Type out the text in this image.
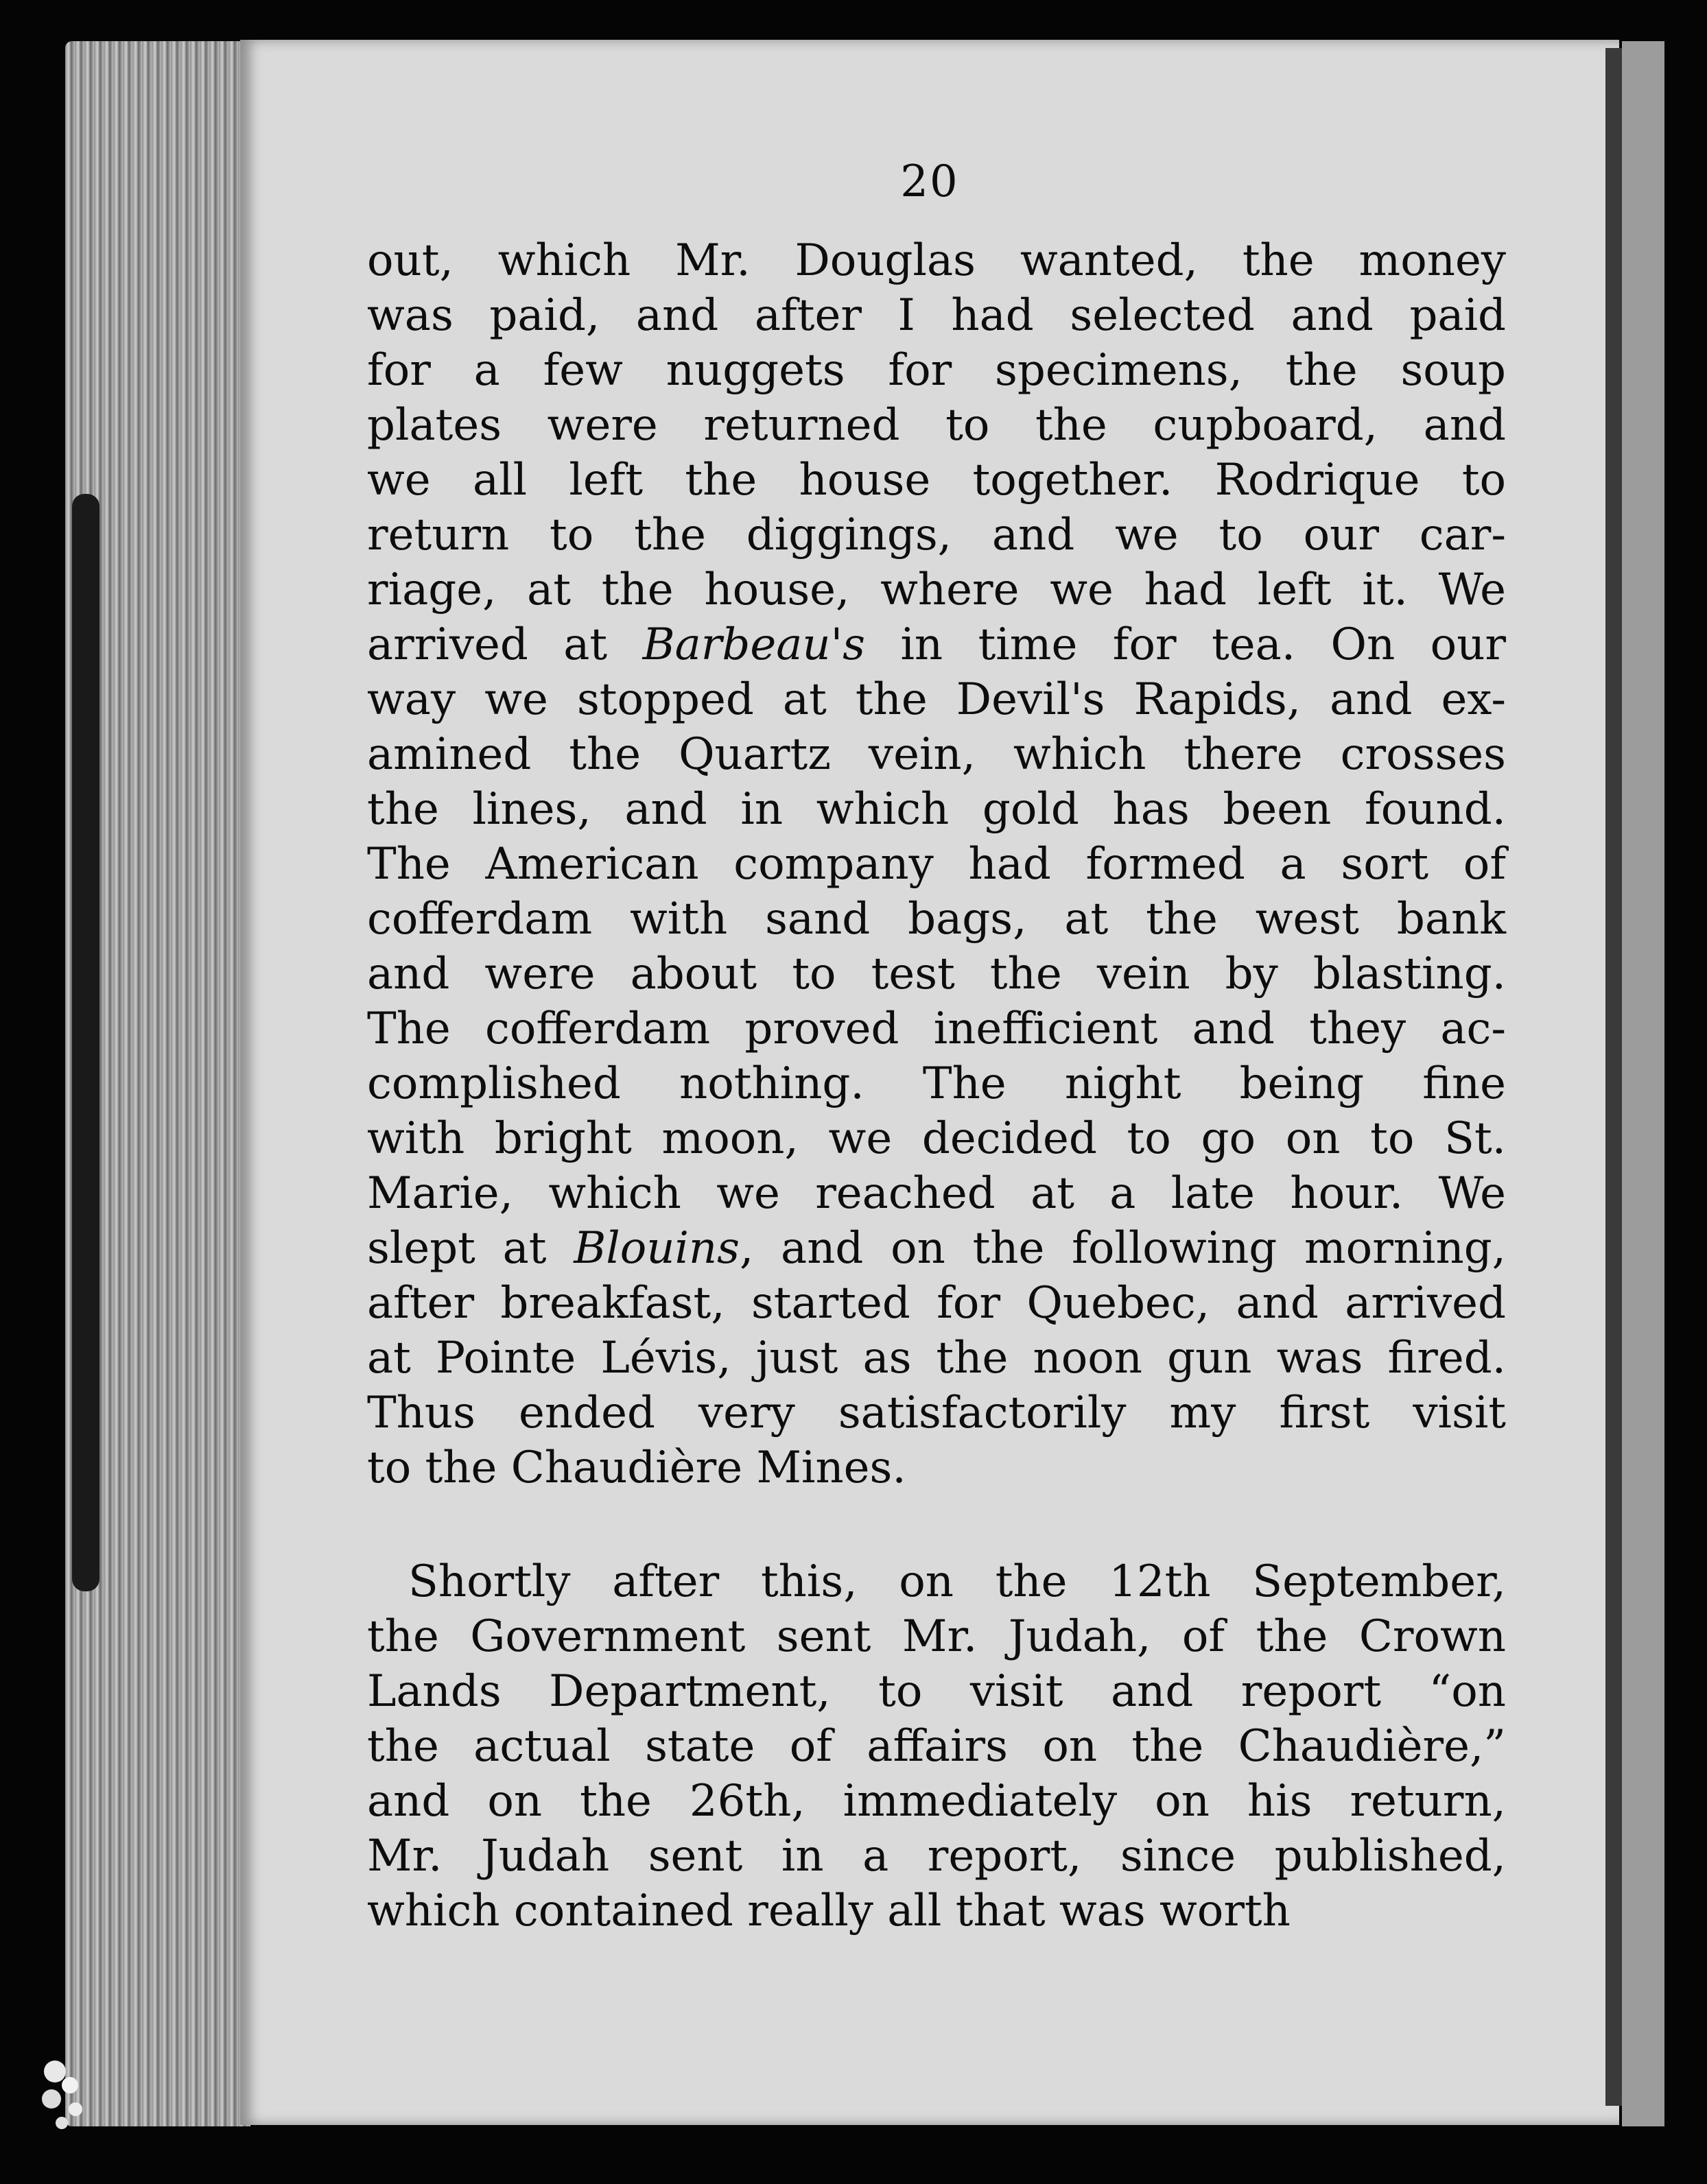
20
out, which Mr. Douglas wanted, the money
was paid, and after I had selected and paid
for a few nuggets for specimens, the soup
plates were returned to the cupboard, and
we all left the house together. Rodrique to
return to the diggings, and we to our car-
riage, at the house, where we had left it. We
arrived at Barbeau's in time for tea. On our
way we stopped at the Devil's Rapids, and ex-
amined the Quartz vein, which there crosses
the lines, and in which gold has been found.
The American company had formed a sort of
cofferdam with sand bags, at the west bank
and were about to test the vein by blasting.
The cofferdam proved inefficient and they ac-
complished nothing. The night being fine
with bright moon, we decided to go on to St.
Marie, which we reached at a late hour. We
slept at Blouins, and on the following morning,
after breakfast, started for Quebec, and arrived
at Pointe Lévis, just as the noon gun was fired.
Thus ended very satisfactorily my first visit
to the Chaudière Mines.
Shortly after this, on the 12th September,
the Government sent Mr. Judah, of the Crown
Lands Department, to visit and report “on
the actual state of affairs on the Chaudière,”
and on the 26th, immediately on his return,
Mr. Judah sent in a report, since published,
which contained really all that was worth
